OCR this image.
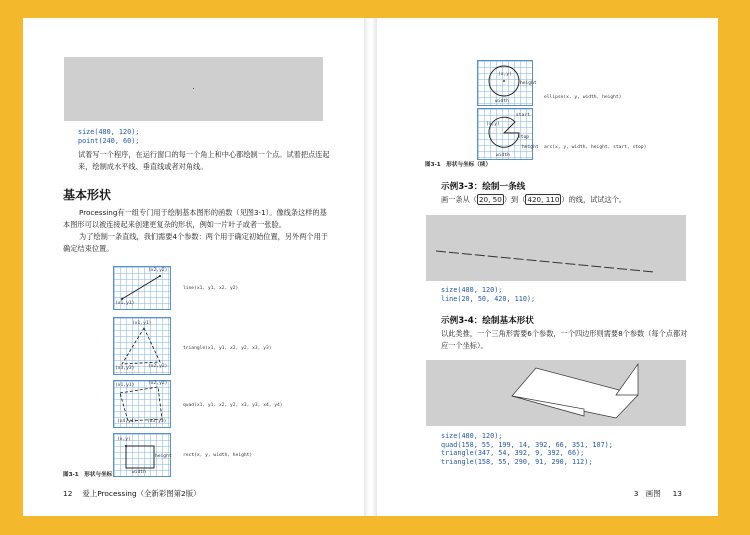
size(480, 120);
point(240, 60);
试着写一个程序，在运行窗口的每一个角上和中心都绘制一个点。试着把点连起来，绘制成水平线、垂直线或者对角线。
基本形状
Processing有一组专门用于绘制基本图形的函数（见图3-1）。像线条这样的基本图形可以被连接起来创建更复杂的形状，例如一片叶子或者一张脸。
为了绘制一条直线，我们需要4个参数：两个用于确定初始位置，另外两个用于确定结束位置。
(x2,y2)
(x1,y1)
line(x1, y1, x2, y2)
(x1,y1)
(x2,y2)
(x3,y3)
triangle(x1, y1, x2, y2, x3, y3)
(x1,y1)	(x2,y2)
(x4,y4) (x3,y3)
quad(x1, y1, x2, y2, x3, y3, x4, y4)
(x,y)
width
height rect(x, y, width, height)
图3-1　形状与坐标
12 爱上Processing（全新彩图第2版）
(x,y)
width
height
ellipse(x, y, width, height)
(x,y)
start
stop
width
height arc(x, y, width, height, start, stop)
图3-1　形状与坐标（续）
示例3-3：绘制一条线
画一条从（ 20, 50 ）到（ 420, 110 ）的线，试试这个。
size(480, 120);
line(20, 50, 420, 110);
示例3-4：绘制基本形状
以此类推，一个三角形需要6个参数，一个四边形则需要8个参数（每个点都对应一个坐标）。
size(480, 120);
quad(158, 55, 199, 14, 392, 66, 351, 107);
triangle(347, 54, 392, 9, 392, 66);
triangle(158, 55, 290, 91, 290, 112);
3　画图 13
